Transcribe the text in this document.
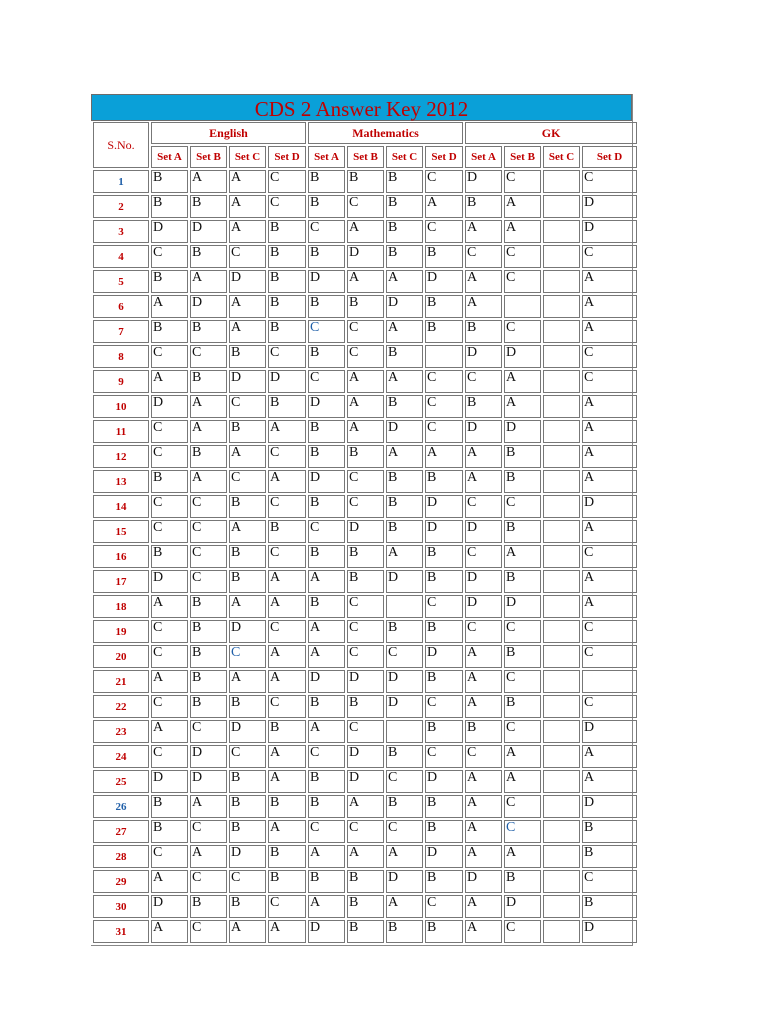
CDS 2 Answer Key 2012
S.No.	English				Mathematics				GK			
	Set A	Set B	Set C	Set D	Set A	Set B	Set C	Set D	Set A	Set B	Set C	Set D
1	B	A	A	C	B	B	B	C	D	C		C
2	B	B	A	C	B	C	B	A	B	A		D
3	D	D	A	B	C	A	B	C	A	A		D
4	C	B	C	B	B	D	B	B	C	C		C
5	B	A	D	B	D	A	A	D	A	C		A
6	A	D	A	B	B	B	D	B	A			A
7	B	B	A	B	C	C	A	B	B	C		A
8	C	C	B	C	B	C	B		D	D		C
9	A	B	D	D	C	A	A	C	C	A		C
10	D	A	C	B	D	A	B	C	B	A		A
11	C	A	B	A	B	A	D	C	D	D		A
12	C	B	A	C	B	B	A	A	A	B		A
13	B	A	C	A	D	C	B	B	A	B		A
14	C	C	B	C	B	C	B	D	C	C		D
15	C	C	A	B	C	D	B	D	D	B		A
16	B	C	B	C	B	B	A	B	C	A		C
17	D	C	B	A	A	B	D	B	D	B		A
18	A	B	A	A	B	C		C	D	D		A
19	C	B	D	C	A	C	B	B	C	C		C
20	C	B	C	A	A	C	C	D	A	B		C
21	A	B	A	A	D	D	D	B	A	C		
22	C	B	B	C	B	B	D	C	A	B		C
23	A	C	D	B	A	C		B	B	C		D
24	C	D	C	A	C	D	B	C	C	A		A
25	D	D	B	A	B	D	C	D	A	A		A
26	B	A	B	B	B	A	B	B	A	C		D
27	B	C	B	A	C	C	C	B	A	C		B
28	C	A	D	B	A	A	A	D	A	A		B
29	A	C	C	B	B	B	D	B	D	B		C
30	D	B	B	C	A	B	A	C	A	D		B
31	A	C	A	A	D	B	B	B	A	C		D
